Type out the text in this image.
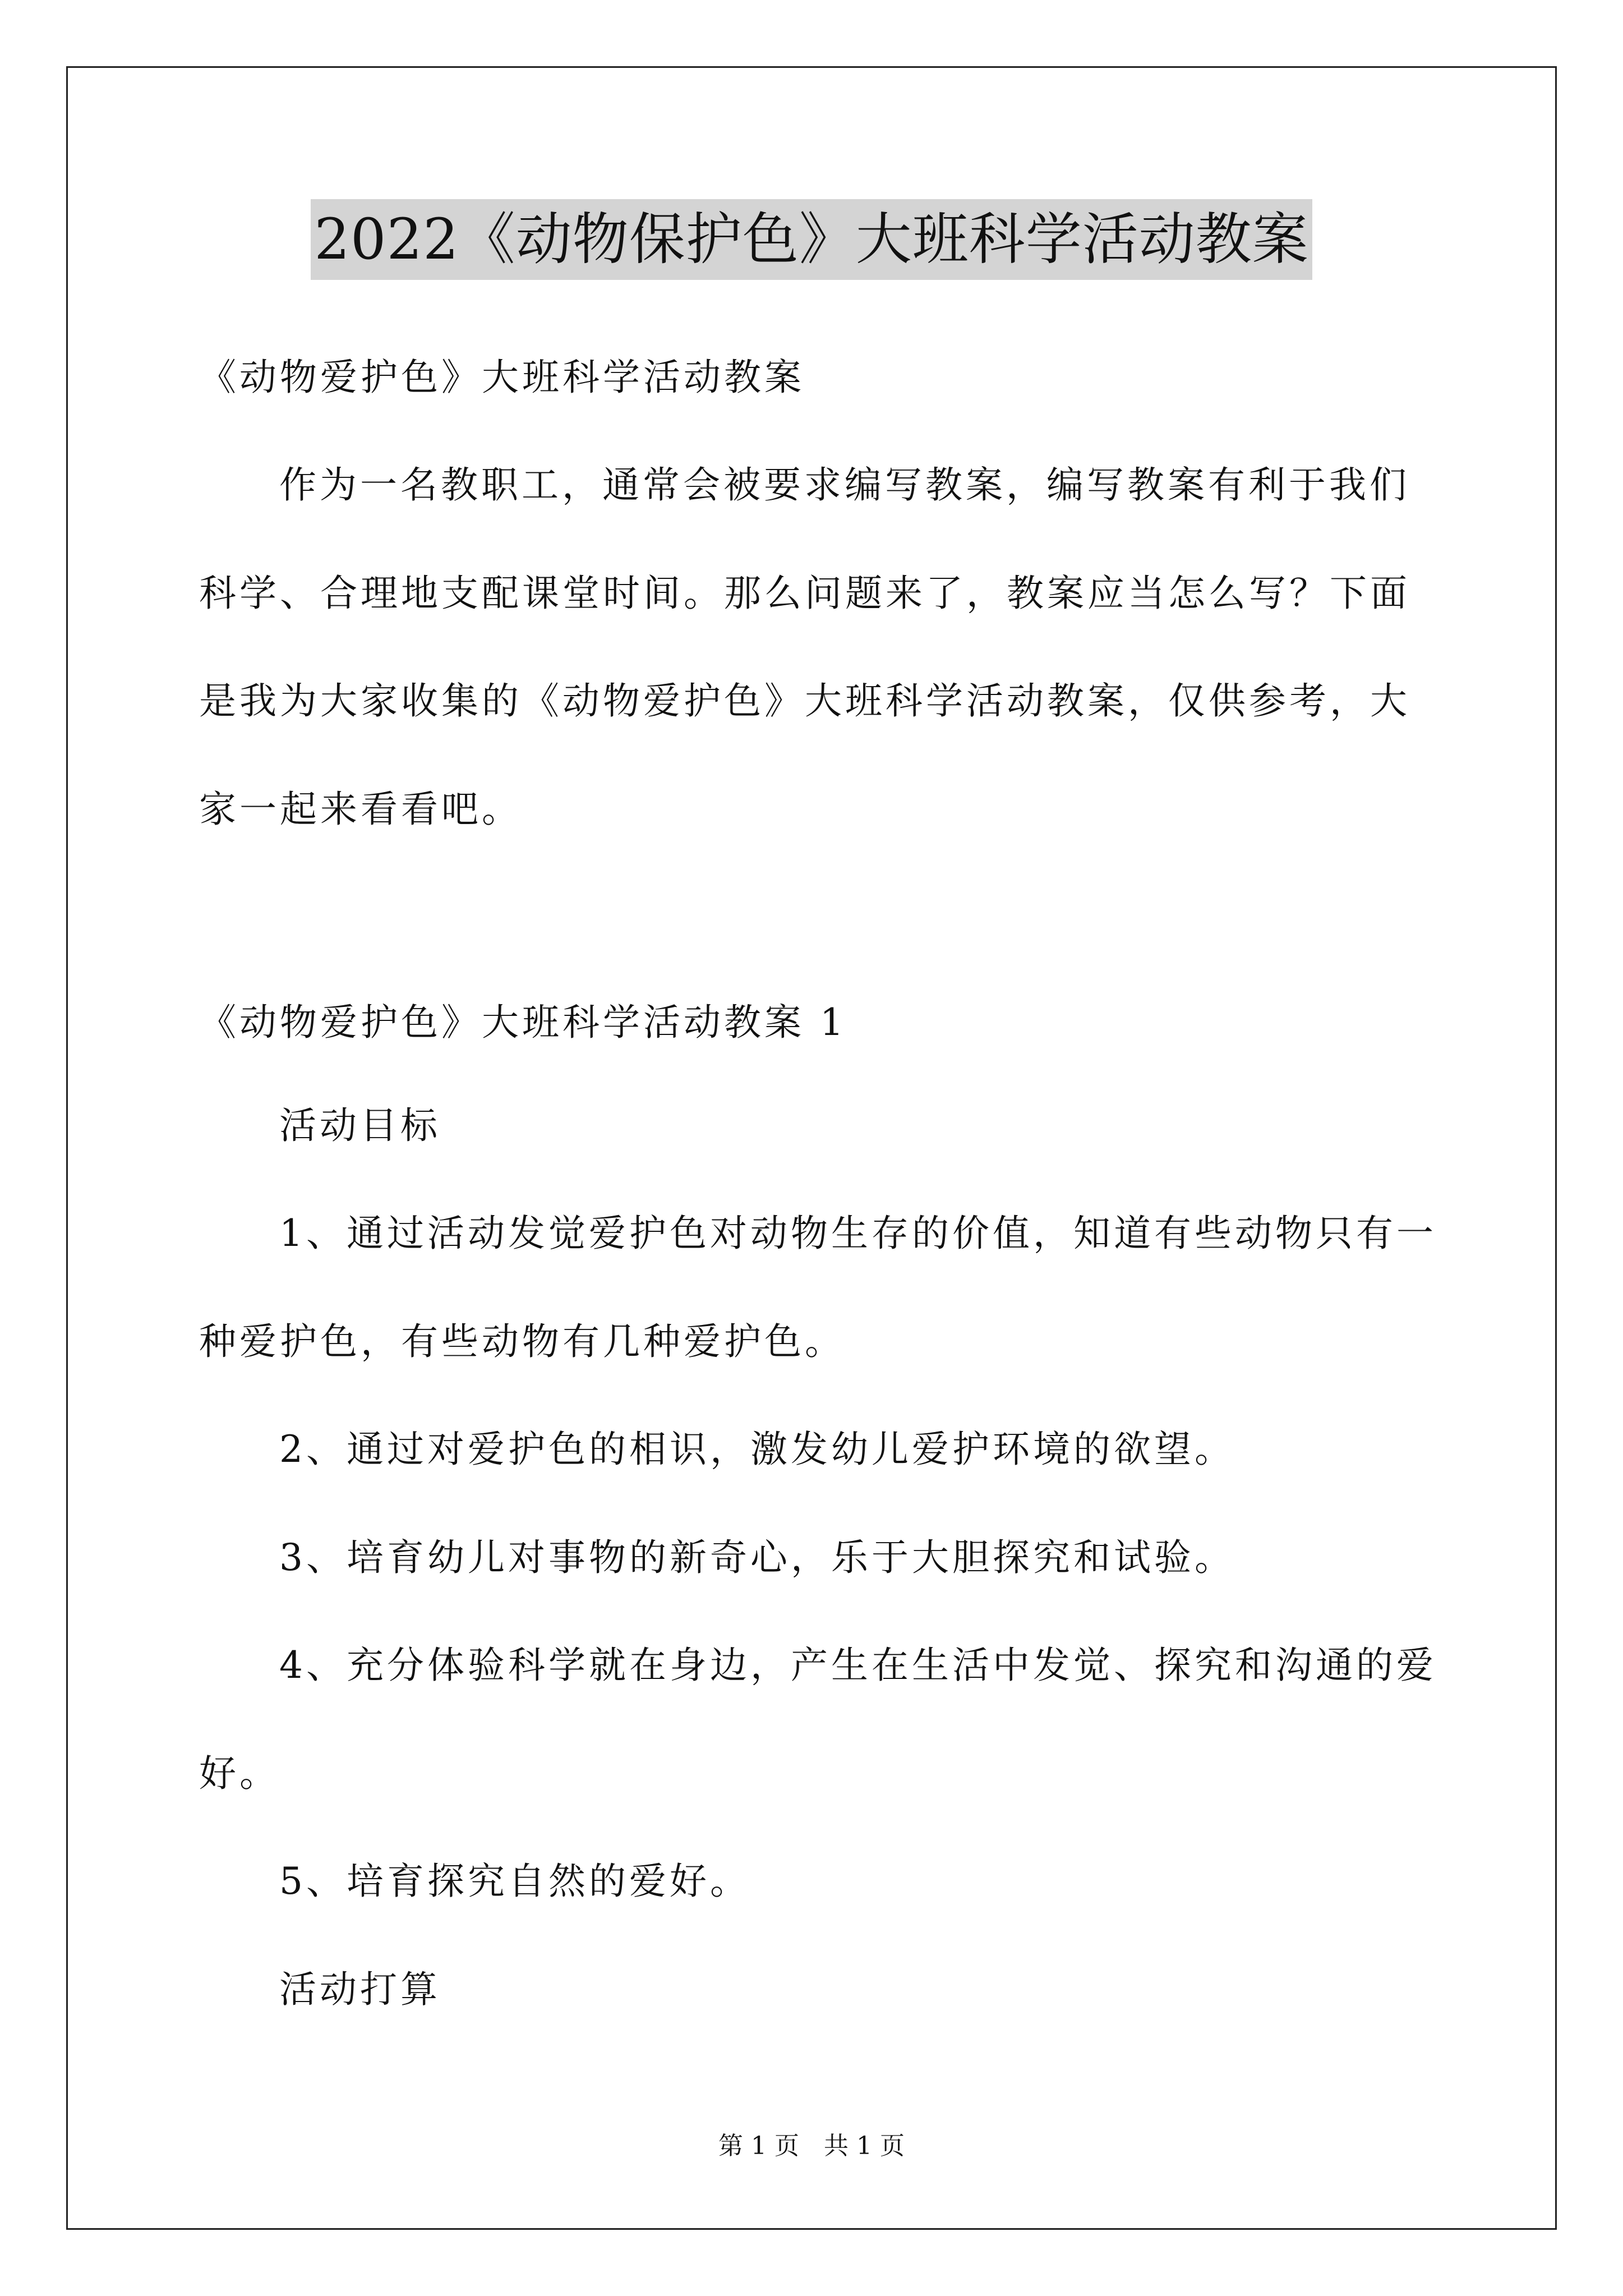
2022《动物保护色》大班科学活动教案
《动物爱护色》大班科学活动教案
作为一名教职工，通常会被要求编写教案，编写教案有利于我们
科学、合理地支配课堂时间。那么问题来了，教案应当怎么写？下面
是我为大家收集的《动物爱护色》大班科学活动教案，仅供参考，大
家一起来看看吧。
《动物爱护色》大班科学活动教案 1
活动目标
1、通过活动发觉爱护色对动物生存的价值，知道有些动物只有一
种爱护色，有些动物有几种爱护色。
2、通过对爱护色的相识，激发幼儿爱护环境的欲望。
3、培育幼儿对事物的新奇心，乐于大胆探究和试验。
4、充分体验科学就在身边，产生在生活中发觉、探究和沟通的爱
好。
5、培育探究自然的爱好。
活动打算
第 1 页　共 1 页
